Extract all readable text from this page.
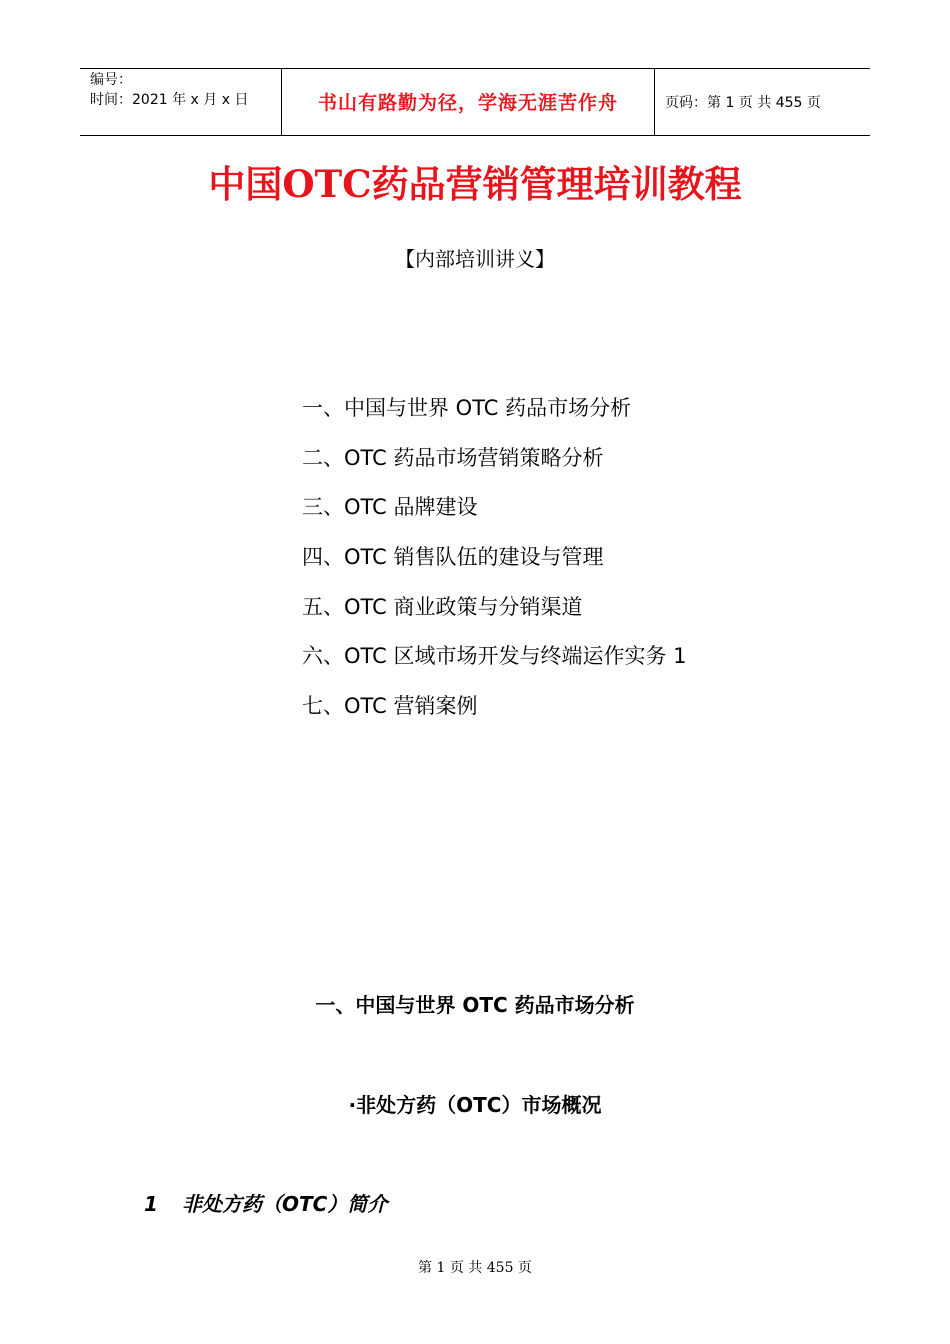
编号：
时间：2021 年 x 月 x 日	书山有路勤为径，学海无涯苦作舟	页码：第 1 页 共 455 页
中国OTC药品营销管理培训教程
【内部培训讲义】
一、中国与世界 OTC 药品市场分析
二、OTC 药品市场营销策略分析
三、OTC 品牌建设
四、OTC 销售队伍的建设与管理
五、OTC 商业政策与分销渠道
六、OTC 区域市场开发与终端运作实务 1
七、OTC 营销案例
一、中国与世界 OTC 药品市场分析
·非处方药（OTC）市场概况
1 非处方药（OTC）简介
第 1 页 共 455 页
